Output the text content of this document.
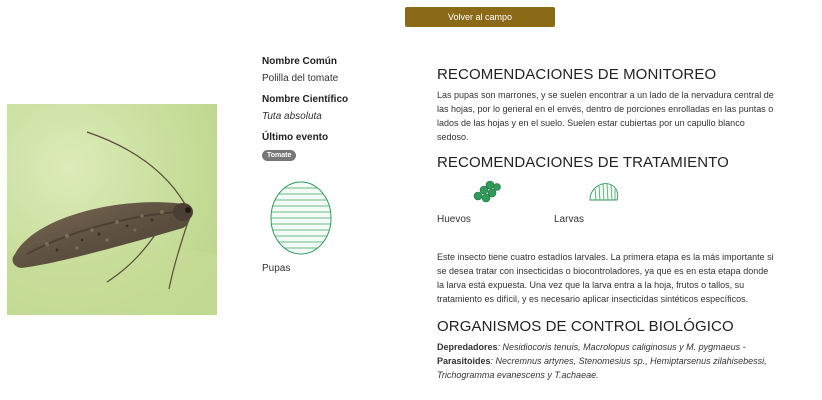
Volver al campo
Nombre Común
Polilla del tomate
Nombre Científico
Tuta absoluta
Último evento
Tomate
Pupas
RECOMENDACIONES DE MONITOREO

Las pupas son marrones, y se suelen encontrar a un lado de la nervadura central de las hojas, por lo general en el envés, dentro de porciones enrolladas en las puntas o lados de las hojas y en el suelo. Suelen estar cubiertas por un capullo blanco sedoso.

RECOMENDACIONES DE TRATAMIENTO
Huevos	Larvas

Este insecto tiene cuatro estadíos larvales. La primera etapa es la más importante si se desea tratar con insecticidas o biocontroladores, ya que es en esta etapa donde la larva está expuesta. Una vez que la larva entra a la hoja, frutos o tallos, su tratamiento es difícil, y es necesario aplicar insecticidas sintéticos específicos.

ORGANISMOS DE CONTROL BIOLÓGICO

Depredadores: Nesidiocoris tenuis, Macrolopus caliginosus y M. pygmaeus - Parasitoides: Necremnus artynes, Stenomesius sp., Hemiptarsenus zilahisebessi, Trichogramma evanescens y T.achaeae.
